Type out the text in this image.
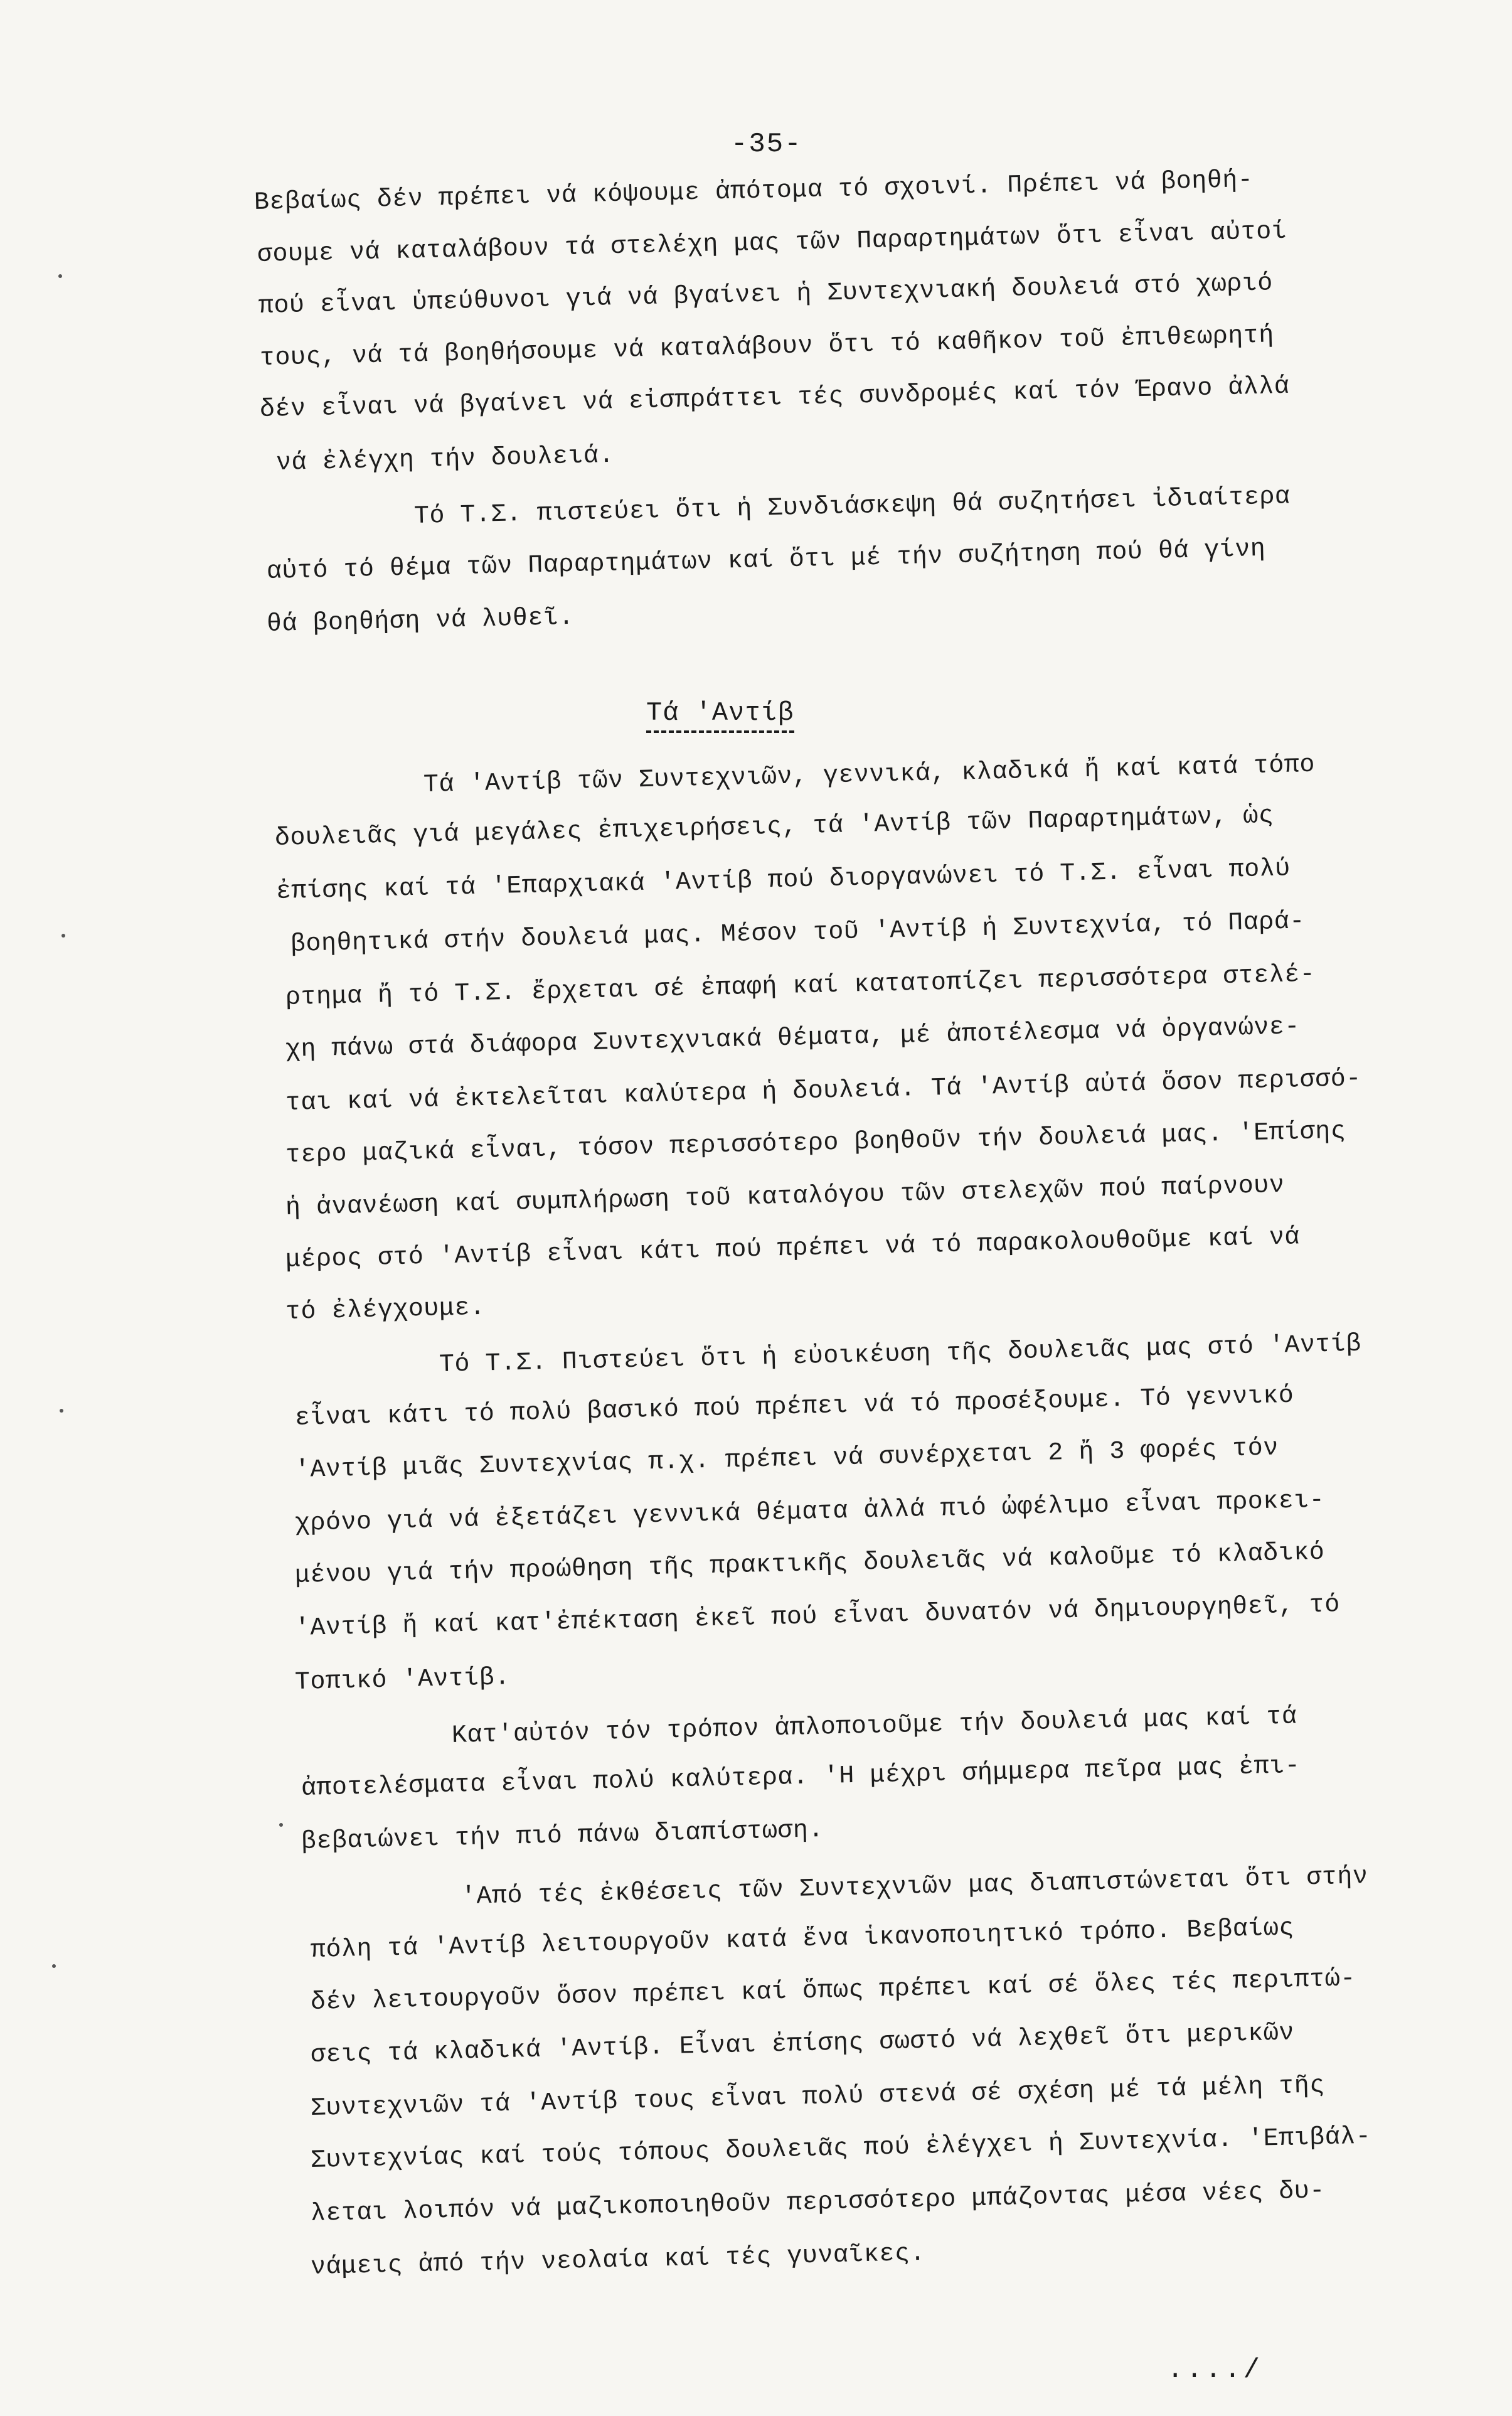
-35-
Βεβαίως δέν πρέπει νά κόψουμε ἀπότομα τό σχοινί. Πρέπει νά βοηθή-
σουμε νά καταλάβουν τά στελέχη μας τῶν Παραρτημάτων ὅτι εἶναι αὐτοί
πού εἶναι ὑπεύθυνοι γιά νά βγαίνει ἡ Συντεχνιακή δουλειά στό χωριό
τους, νά τά βοηθήσουμε νά καταλάβουν ὅτι τό καθῆκον τοῦ ἐπιθεωρητή
δέν εἶναι νά βγαίνει νά εἰσπράττει τές συνδρομές καί τόν Έρανο ἀλλά
νά ἐλέγχη τήν δουλειά.
Τό Τ.Σ. πιστεύει ὅτι ἡ Συνδιάσκεψη θά συζητήσει ἰδιαίτερα
αὐτό τό θέμα τῶν Παραρτημάτων καί ὅτι μέ τήν συζήτηση πού θά γίνη
θά βοηθήση νά λυθεῖ.
Τά 'Αντίβ
Τά 'Αντίβ τῶν Συντεχνιῶν, γεννικά, κλαδικά ἤ καί κατά τόπο
δουλειᾶς γιά μεγάλες ἐπιχειρήσεις, τά 'Αντίβ τῶν Παραρτημάτων, ὡς
ἐπίσης καί τά 'Επαρχιακά 'Αντίβ πού διοργανώνει τό Τ.Σ. εἶναι πολύ
βοηθητικά στήν δουλειά μας. Μέσον τοῦ 'Αντίβ ἡ Συντεχνία, τό Παρά-
ρτημα ἤ τό Τ.Σ. ἔρχεται σέ ἐπαφή καί κατατοπίζει περισσότερα στελέ-
χη πάνω στά διάφορα Συντεχνιακά θέματα, μέ ἀποτέλεσμα νά ὀργανώνε-
ται καί νά ἐκτελεῖται καλύτερα ἡ δουλειά. Τά 'Αντίβ αὐτά ὅσον περισσό-
τερο μαζικά εἶναι, τόσον περισσότερο βοηθοῦν τήν δουλειά μας. 'Επίσης
ἡ ἀνανέωση καί συμπλήρωση τοῦ καταλόγου τῶν στελεχῶν πού παίρνουν
μέρος στό 'Αντίβ εἶναι κάτι πού πρέπει νά τό παρακολουθοῦμε καί νά
τό ἐλέγχουμε.
Τό Τ.Σ. Πιστεύει ὅτι ἡ εὐοικέυση τῆς δουλειᾶς μας στό 'Αντίβ
εἶναι κάτι τό πολύ βασικό πού πρέπει νά τό προσέξουμε. Τό γεννικό
'Αντίβ μιᾶς Συντεχνίας π.χ. πρέπει νά συνέρχεται 2 ἤ 3 φορές τόν
χρόνο γιά νά ἐξετάζει γεννικά θέματα ἀλλά πιό ὠφέλιμο εἶναι προκει-
μένου γιά τήν προώθηση τῆς πρακτικῆς δουλειᾶς νά καλοῦμε τό κλαδικό
'Αντίβ ἤ καί κατ'ἐπέκταση ἐκεῖ πού εἶναι δυνατόν νά δημιουργηθεῖ, τό
Τοπικό 'Αντίβ.
Κατ'αὐτόν τόν τρόπον ἀπλοποιοῦμε τήν δουλειά μας καί τά
ἀποτελέσματα εἶναι πολύ καλύτερα. 'Η μέχρι σήμμερα πεῖρα μας ἐπι-
βεβαιώνει τήν πιό πάνω διαπίστωση.
'Από τές ἐκθέσεις τῶν Συντεχνιῶν μας διαπιστώνεται ὅτι στήν
πόλη τά 'Αντίβ λειτουργοῦν κατά ἕνα ἱκανοποιητικό τρόπο. Βεβαίως
δέν λειτουργοῦν ὅσον πρέπει καί ὅπως πρέπει καί σέ ὅλες τές περιπτώ-
σεις τά κλαδικά 'Αντίβ. Εἶναι ἐπίσης σωστό νά λεχθεῖ ὅτι μερικῶν
Συντεχνιῶν τά 'Αντίβ τους εἶναι πολύ στενά σέ σχέση μέ τά μέλη τῆς
Συντεχνίας καί τούς τόπους δουλειᾶς πού ἐλέγχει ἡ Συντεχνία. 'Επιβάλ-
λεται λοιπόν νά μαζικοποιηθοῦν περισσότερο μπάζοντας μέσα νέες δυ-
νάμεις ἀπό τήν νεολαία καί τές γυναῖκες.
..../
